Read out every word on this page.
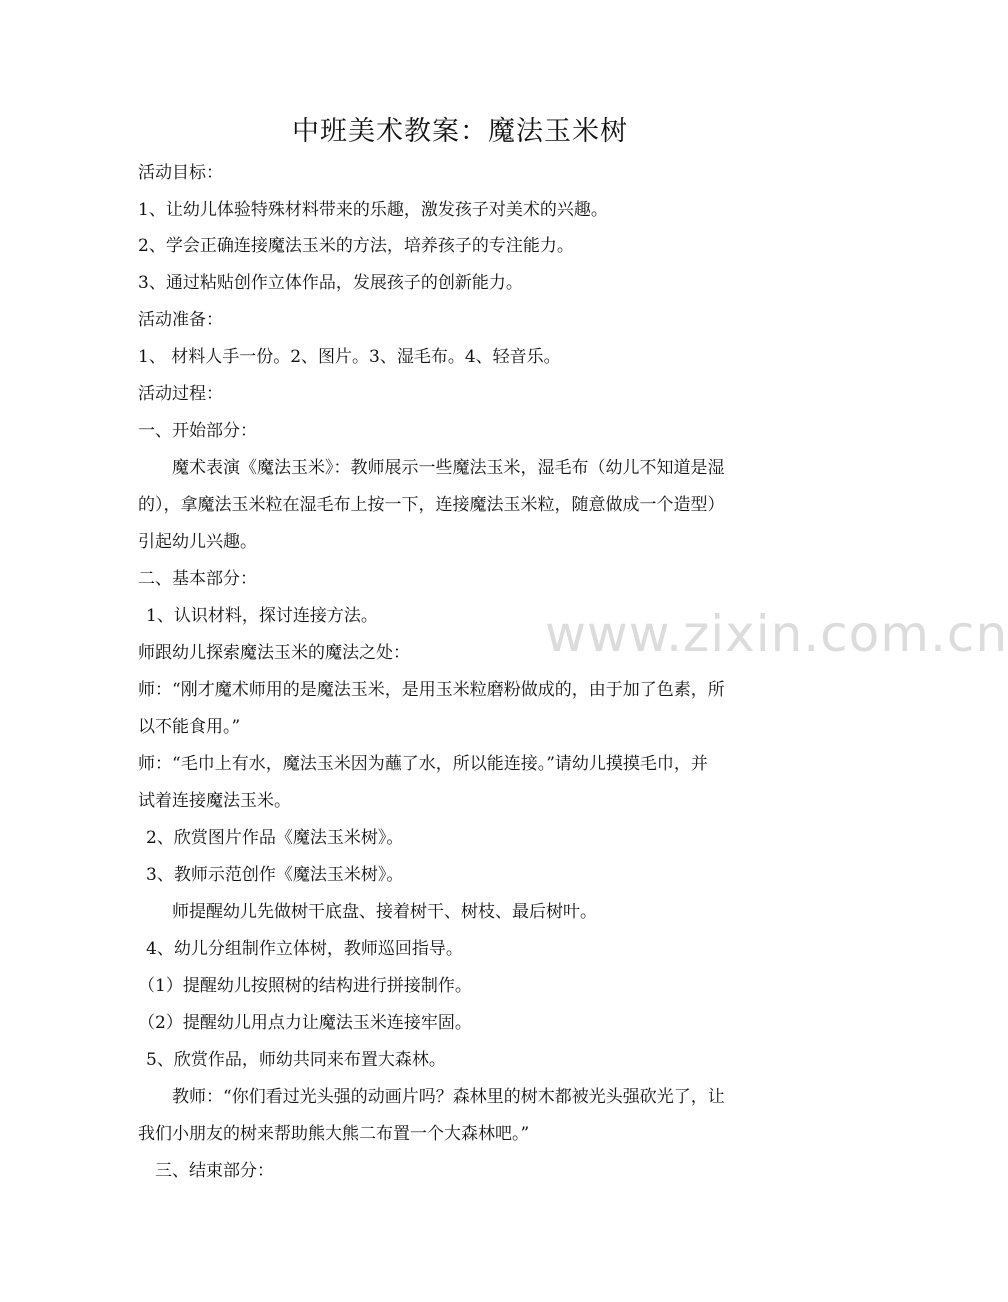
中班美术教案：魔法玉米树
活动目标：
1、让幼儿体验特殊材料带来的乐趣，激发孩子对美术的兴趣。
2、学会正确连接魔法玉米的方法，培养孩子的专注能力。
3、通过粘贴创作立体作品，发展孩子的创新能力。
活动准备：
1、 材料人手一份。2、图片。3、湿毛布。4、轻音乐。
活动过程：
一、开始部分：
魔术表演《魔法玉米》：教师展示一些魔法玉米，湿毛布（幼儿不知道是湿
的），拿魔法玉米粒在湿毛布上按一下，连接魔法玉米粒，随意做成一个造型）
引起幼儿兴趣。
二、基本部分：
1、认识材料，探讨连接方法。
师跟幼儿探索魔法玉米的魔法之处：
师：“刚才魔术师用的是魔法玉米，是用玉米粒磨粉做成的，由于加了色素，所
以不能食用。”
师：“毛巾上有水，魔法玉米因为蘸了水，所以能连接。”请幼儿摸摸毛巾，并
试着连接魔法玉米。
2、欣赏图片作品《魔法玉米树》。
3、教师示范创作《魔法玉米树》。
师提醒幼儿先做树干底盘、接着树干、树枝、最后树叶。
4、幼儿分组制作立体树，教师巡回指导。
（1）提醒幼儿按照树的结构进行拼接制作。
（2）提醒幼儿用点力让魔法玉米连接牢固。
5、欣赏作品，师幼共同来布置大森林。
教师：“你们看过光头强的动画片吗？森林里的树木都被光头强砍光了，让
我们小朋友的树来帮助熊大熊二布置一个大森林吧。”
三、结束部分：
www.zixin.com.cn
